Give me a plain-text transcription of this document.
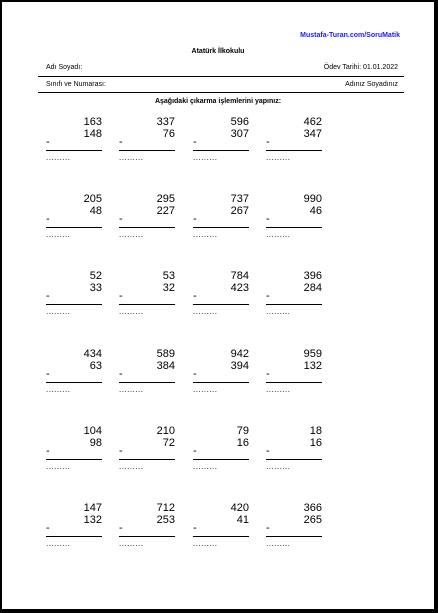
Mustafa-Turan.com/SoruMatik
Atatürk İlkokulu
Adı Soyadı:	Ödev Tarihi: 01.01.2022
Sınıfı ve Numarası:	Adınız Soyadınız
Aşağıdaki çıkarma işlemlerini yapınız:
163
148
-
.........
337
76
-
.........
596
307
-
.........
462
347
-
.........
205
48
-
.........
295
227
-
.........
737
267
-
.........
990
46
-
.........
52
33
-
.........
53
32
-
.........
784
423
-
.........
396
284
-
.........
434
63
-
.........
589
384
-
.........
942
394
-
.........
959
132
-
.........
104
98
-
.........
210
72
-
.........
79
16
-
.........
18
16
-
.........
147
132
-
.........
712
253
-
.........
420
41
-
.........
366
265
-
.........
